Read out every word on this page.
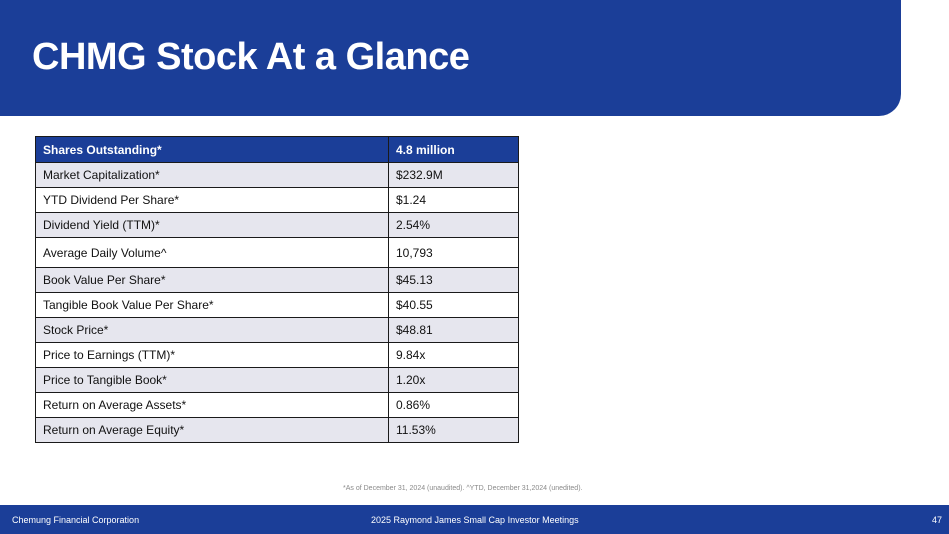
CHMG Stock At a Glance
Shares Outstanding*	4.8 million
Market Capitalization*	$232.9M
YTD Dividend Per Share*	$1.24
Dividend Yield (TTM)*	2.54%
Average Daily Volume^	10,793
Book Value Per Share*	$45.13
Tangible Book Value Per Share*	$40.55
Stock Price*	$48.81
Price to Earnings (TTM)*	9.84x
Price to Tangible Book*	1.20x
Return on Average Assets*	0.86%
Return on Average Equity*	11.53%
*As of December 31, 2024 (unaudited). ^YTD, December 31,2024 (unedited).
Chemung Financial Corporation	2025 Raymond James Small Cap Investor Meetings	47
